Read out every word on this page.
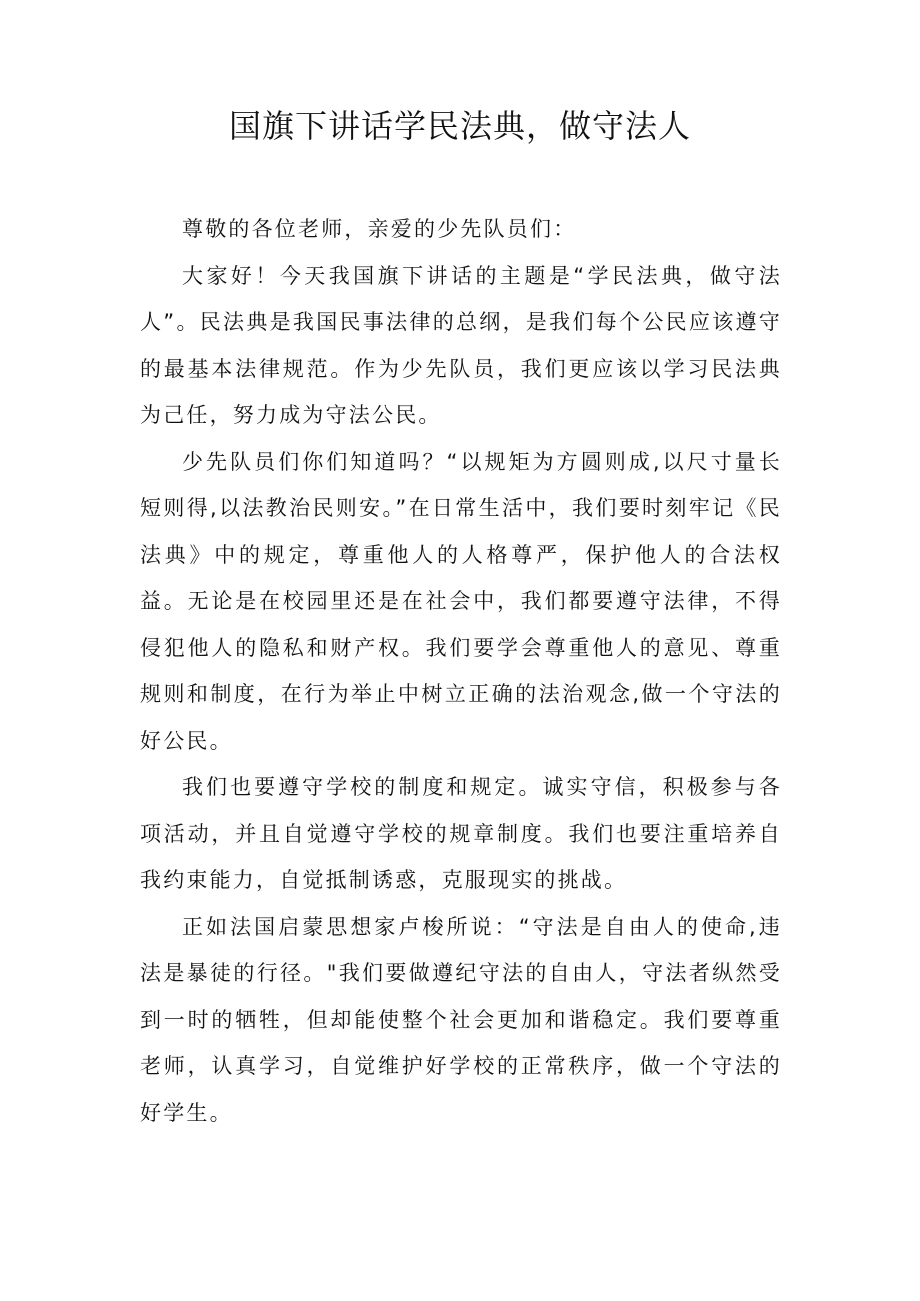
国旗下讲话学民法典，做守法人

尊敬的各位老师，亲爱的少先队员们：

大家好！今天我国旗下讲话的主题是“学民法典，做守法人”。民法典是我国民事法律的总纲，是我们每个公民应该遵守的最基本法律规范。作为少先队员，我们更应该以学习民法典为己任，努力成为守法公民。

少先队员们你们知道吗？“以规矩为方圆则成,以尺寸量长短则得,以法教治民则安。”在日常生活中，我们要时刻牢记《民法典》中的规定，尊重他人的人格尊严，保护他人的合法权益。无论是在校园里还是在社会中，我们都要遵守法律，不得侵犯他人的隐私和财产权。我们要学会尊重他人的意见、尊重规则和制度，在行为举止中树立正确的法治观念,做一个守法的好公民。

我们也要遵守学校的制度和规定。诚实守信，积极参与各项活动，并且自觉遵守学校的规章制度。我们也要注重培养自我约束能力，自觉抵制诱惑，克服现实的挑战。

正如法国启蒙思想家卢梭所说：“守法是自由人的使命,违法是暴徒的行径。"我们要做遵纪守法的自由人，守法者纵然受到一时的牺牲，但却能使整个社会更加和谐稳定。我们要尊重老师，认真学习，自觉维护好学校的正常秩序，做一个守法的好学生。
